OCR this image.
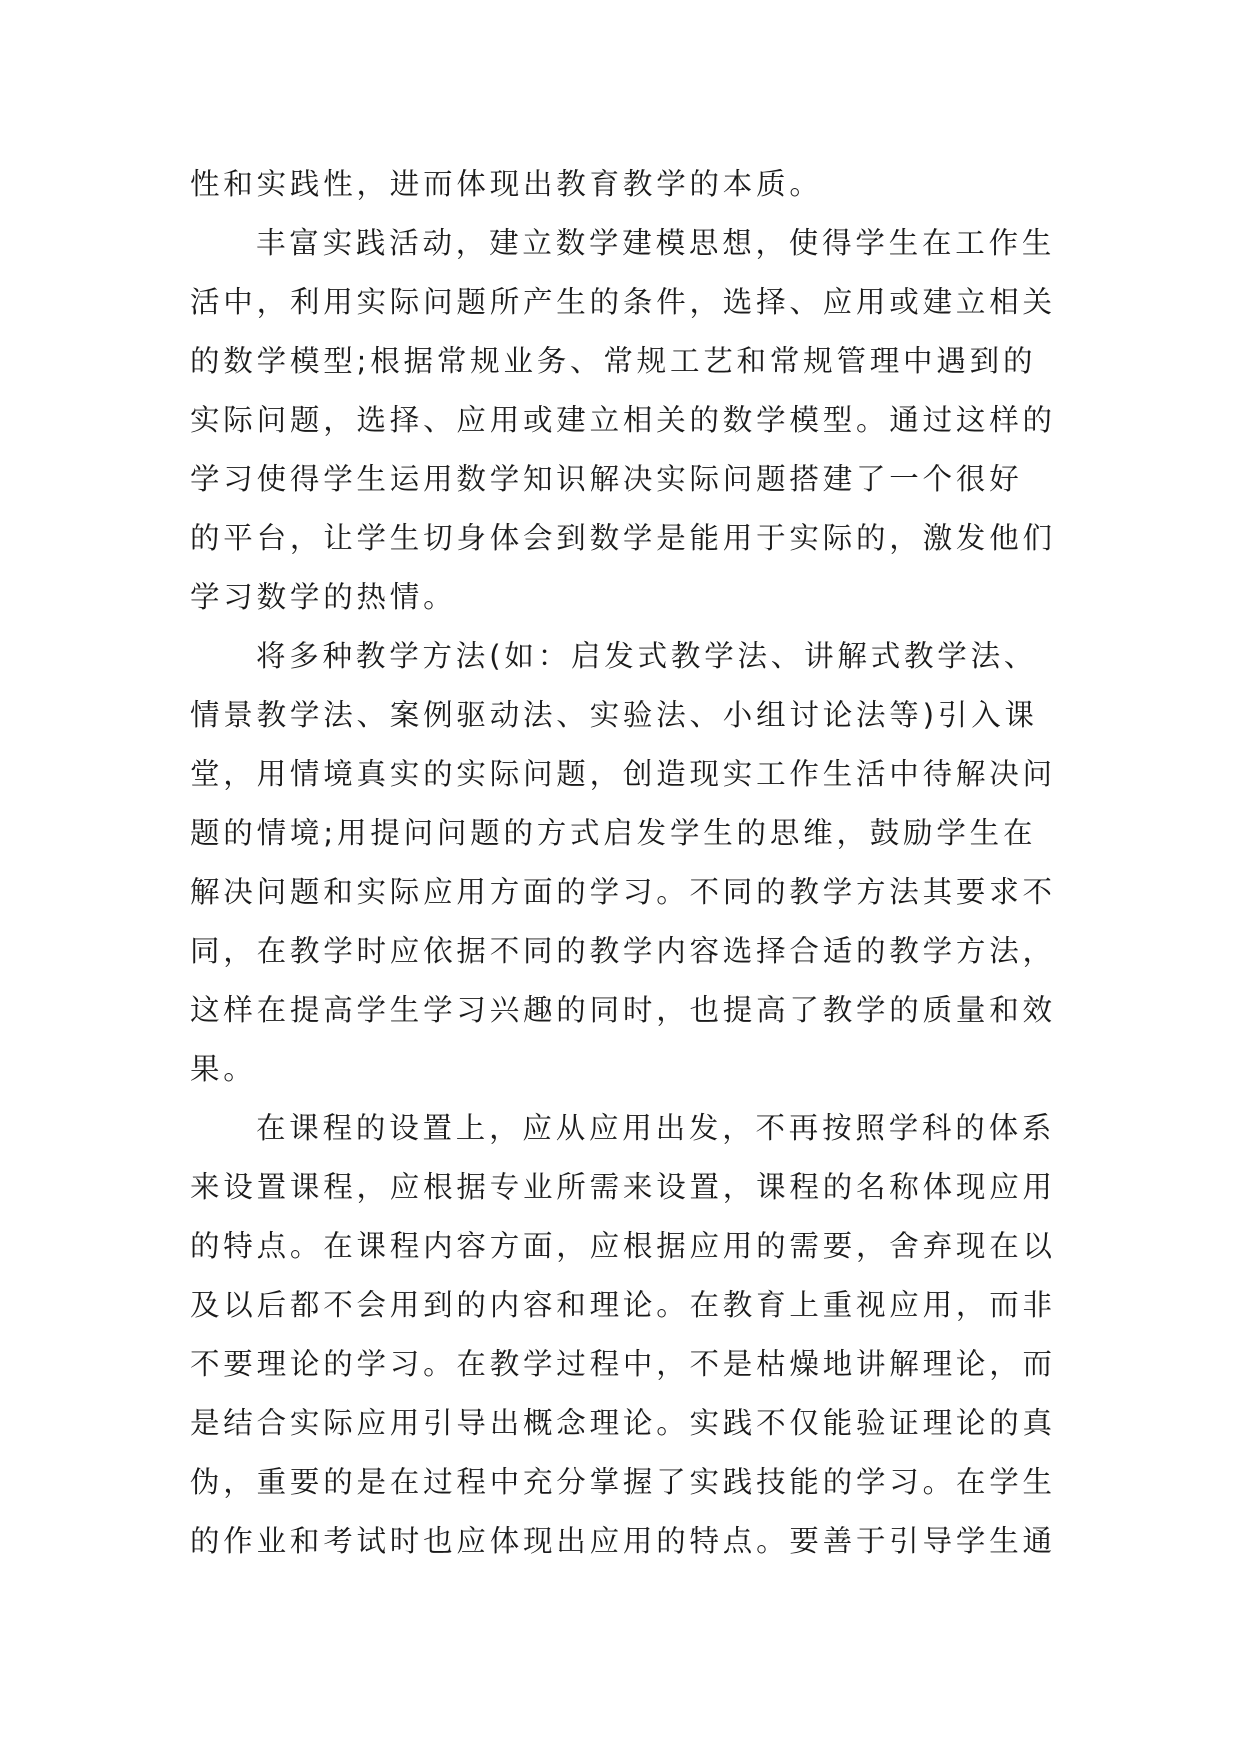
性和实践性，进而体现出教育教学的本质。
丰富实践活动，建立数学建模思想，使得学生在工作生
活中，利用实际问题所产生的条件，选择、应用或建立相关
的数学模型;根据常规业务、常规工艺和常规管理中遇到的
实际问题，选择、应用或建立相关的数学模型。通过这样的
学习使得学生运用数学知识解决实际问题搭建了一个很好
的平台，让学生切身体会到数学是能用于实际的，激发他们
学习数学的热情。
将多种教学方法(如：启发式教学法、讲解式教学法、
情景教学法、案例驱动法、实验法、小组讨论法等)引入课
堂，用情境真实的实际问题，创造现实工作生活中待解决问
题的情境;用提问问题的方式启发学生的思维，鼓励学生在
解决问题和实际应用方面的学习。不同的教学方法其要求不
同，在教学时应依据不同的教学内容选择合适的教学方法，
这样在提高学生学习兴趣的同时，也提高了教学的质量和效
果。
在课程的设置上，应从应用出发，不再按照学科的体系
来设置课程，应根据专业所需来设置，课程的名称体现应用
的特点。在课程内容方面，应根据应用的需要，舍弃现在以
及以后都不会用到的内容和理论。在教育上重视应用，而非
不要理论的学习。在教学过程中，不是枯燥地讲解理论，而
是结合实际应用引导出概念理论。实践不仅能验证理论的真
伪，重要的是在过程中充分掌握了实践技能的学习。在学生
的作业和考试时也应体现出应用的特点。要善于引导学生通
